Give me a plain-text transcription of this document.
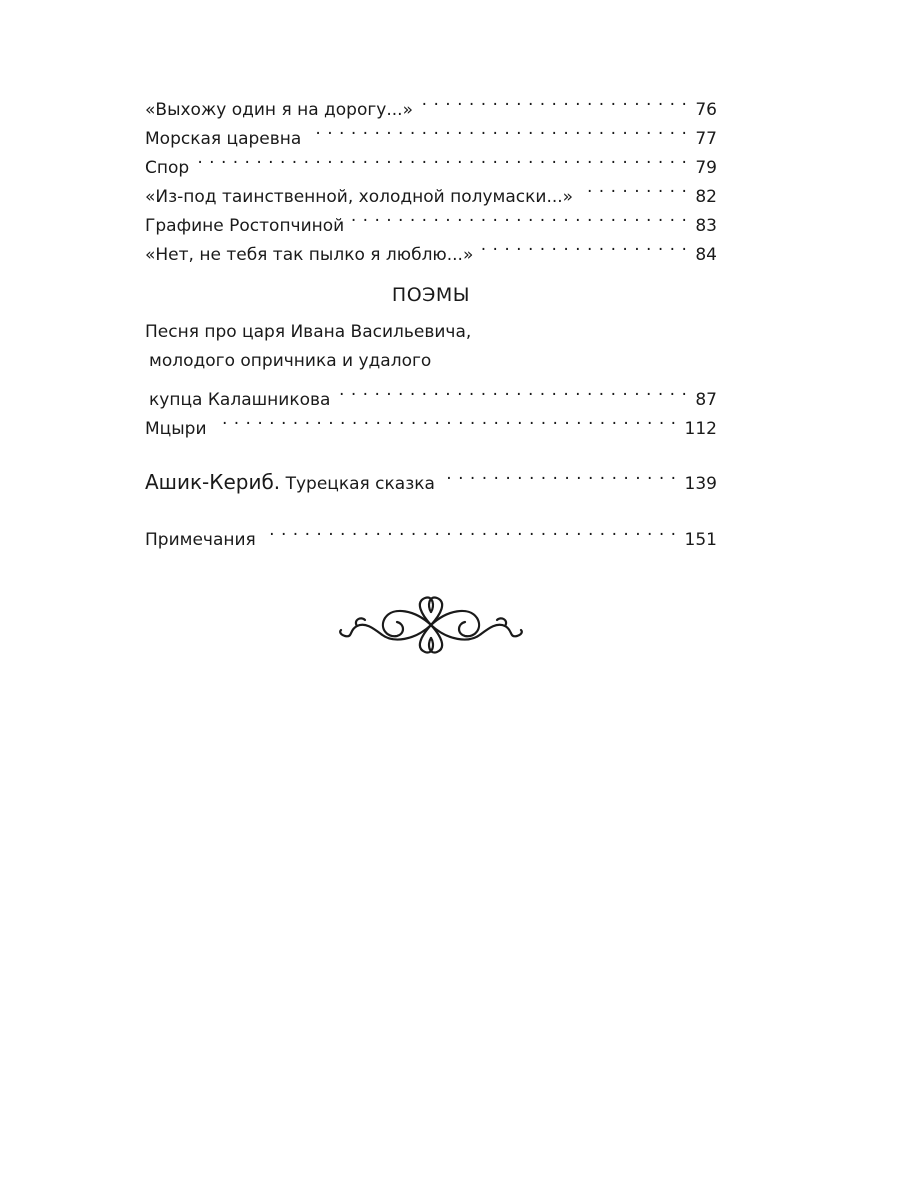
«Выхожу один я на дорогу...» . . .	76
Морская царевна . . .	77
Спор . . .	79
«Из-под таинственной, холодной полумаски...» . . .	82
Графине Ростопчиной . . .	83
«Нет, не тебя так пылко я люблю...» . . .	84
ПОЭМЫ
Песня про царя Ивана Васильевича,
молодого опричника и удалого
купца Калашникова . . .	87
Мцыри . . .	112
Ашик-Кериб. Турецкая сказка . . .	139
Примечания . . .	151
